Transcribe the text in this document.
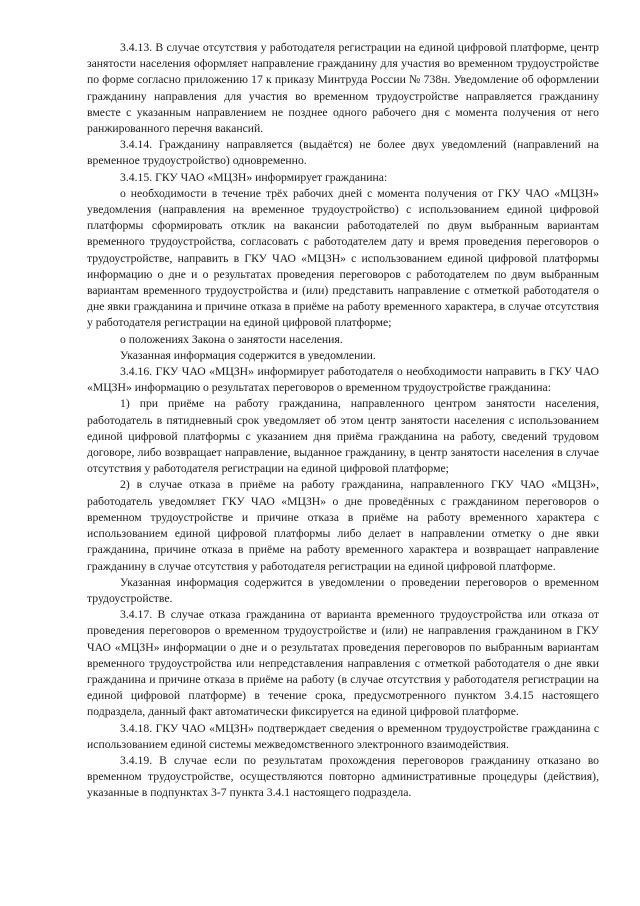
3.4.13. В случае отсутствия у работодателя регистрации на единой цифровой платформе, центр занятости населения оформляет направление гражданину для участия во временном трудоустройстве по форме согласно приложению 17 к приказу Минтруда России № 738н. Уведомление об оформлении гражданину направления для участия во временном трудоустройстве направляется гражданину вместе с указанным направлением не позднее одного рабочего дня с момента получения от него ранжированного перечня вакансий.

3.4.14. Гражданину направляется (выдаётся) не более двух уведомлений (направлений на временное трудоустройство) одновременно.

3.4.15. ГКУ ЧАО «МЦЗН» информирует гражданина:

о необходимости в течение трёх рабочих дней с момента получения от ГКУ ЧАО «МЦЗН» уведомления (направления на временное трудоустройство) с использованием единой цифровой платформы сформировать отклик на вакансии работодателей по двум выбранным вариантам временного трудоустройства, согласовать с работодателем дату и время проведения переговоров о трудоустройстве, направить в ГКУ ЧАО «МЦЗН» с использованием единой цифровой платформы информацию о дне и о результатах проведения переговоров с работодателем по двум выбранным вариантам временного трудоустройства и (или) представить направление с отметкой работодателя о дне явки гражданина и причине отказа в приёме на работу временного характера, в случае отсутствия у работодателя регистрации на единой цифровой платформе;

о положениях Закона о занятости населения.

Указанная информация содержится в уведомлении.

3.4.16. ГКУ ЧАО «МЦЗН» информирует работодателя о необходимости направить в ГКУ ЧАО «МЦЗН» информацию о результатах переговоров о временном трудоустройстве гражданина:

1) при приёме на работу гражданина, направленного центром занятости населения, работодатель в пятидневный срок уведомляет об этом центр занятости населения с использованием единой цифровой платформы с указанием дня приёма гражданина на работу, сведений трудовом договоре, либо возвращает направление, выданное гражданину, в центр занятости населения в случае отсутствия у работодателя регистрации на единой цифровой платформе;

2) в случае отказа в приёме на работу гражданина, направленного ГКУ ЧАО «МЦЗН», работодатель уведомляет ГКУ ЧАО «МЦЗН» о дне проведённых с гражданином переговоров о временном трудоустройстве и причине отказа в приёме на работу временного характера с использованием единой цифровой платформы либо делает в направлении отметку о дне явки гражданина, причине отказа в приёме на работу временного характера и возвращает направление гражданину в случае отсутствия у работодателя регистрации на единой цифровой платформе.

Указанная информация содержится в уведомлении о проведении переговоров о временном трудоустройстве.

3.4.17. В случае отказа гражданина от варианта временного трудоустройства или отказа от проведения переговоров о временном трудоустройстве и (или) не направления гражданином в ГКУ ЧАО «МЦЗН» информации о дне и о результатах проведения переговоров по выбранным вариантам временного трудоустройства или непредставления направления с отметкой работодателя о дне явки гражданина и причине отказа в приёме на работу (в случае отсутствия у работодателя регистрации на единой цифровой платформе) в течение срока, предусмотренного пунктом 3.4.15 настоящего подраздела, данный факт автоматически фиксируется на единой цифровой платформе.

3.4.18. ГКУ ЧАО «МЦЗН» подтверждает сведения о временном трудоустройстве гражданина с использованием единой системы межведомственного электронного взаимодействия.

3.4.19. В случае если по результатам прохождения переговоров гражданину отказано во временном трудоустройстве, осуществляются повторно административные процедуры (действия), указанные в подпунктах 3-7 пункта 3.4.1 настоящего подраздела.
